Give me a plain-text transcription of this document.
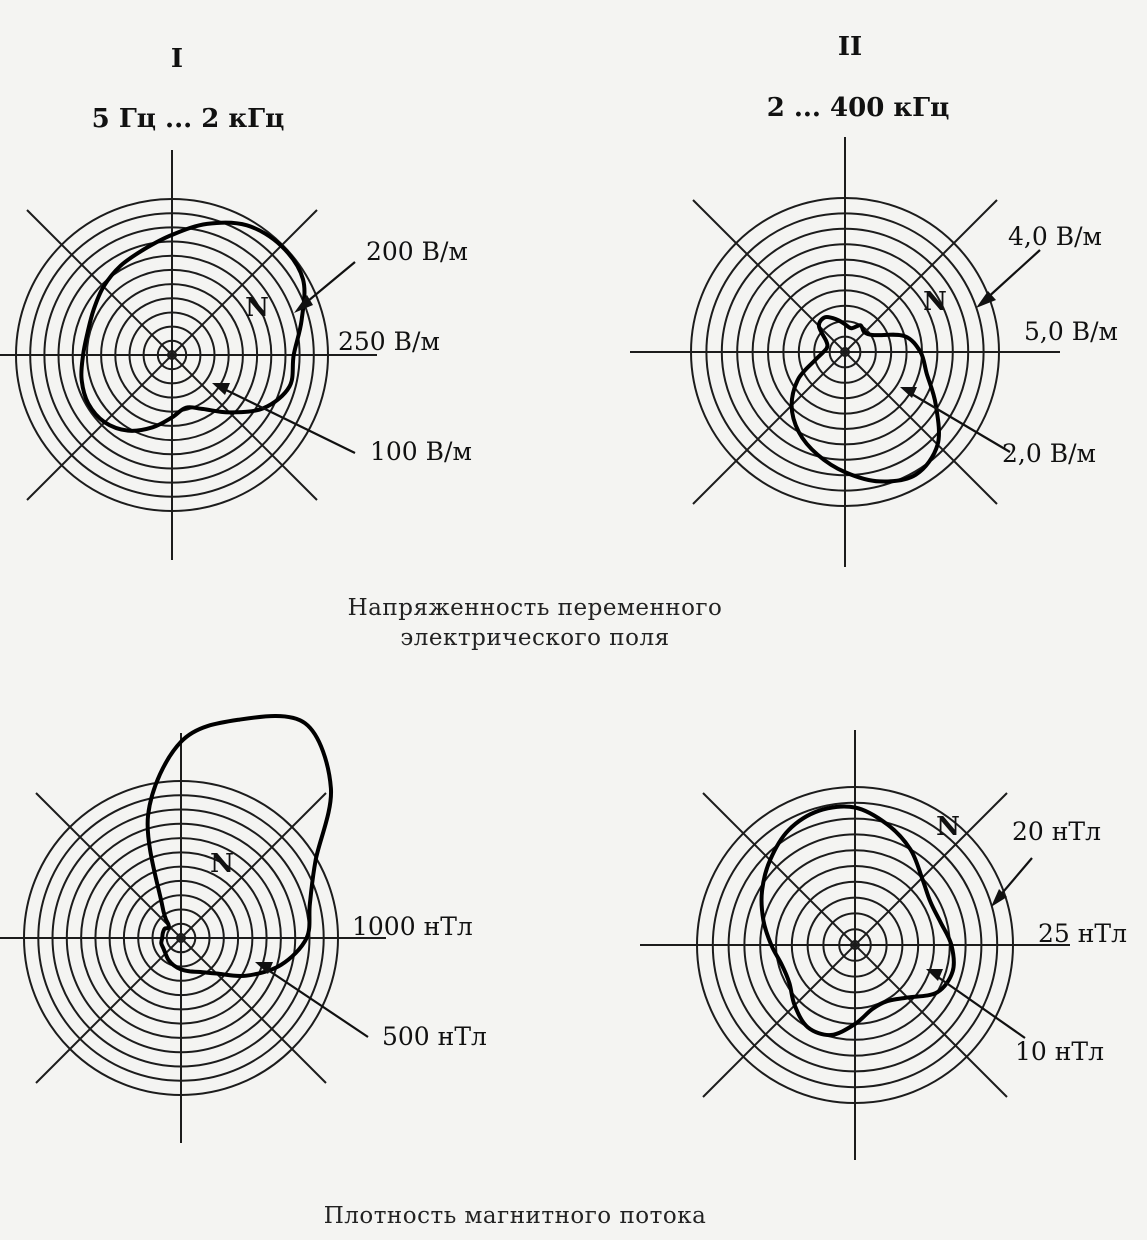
I
5 Гц ... 2 кГц
II
2 ... 400 кГц
N
200 В/м
250 В/м
100 В/м
N
4,0 В/м
5,0 В/м
2,0 В/м
N
1000 нТл
500 нТл
N 20 нТл
25 нТл
10 нТл
Напряженность переменного
электрического поля
Плотность магнитного потока
